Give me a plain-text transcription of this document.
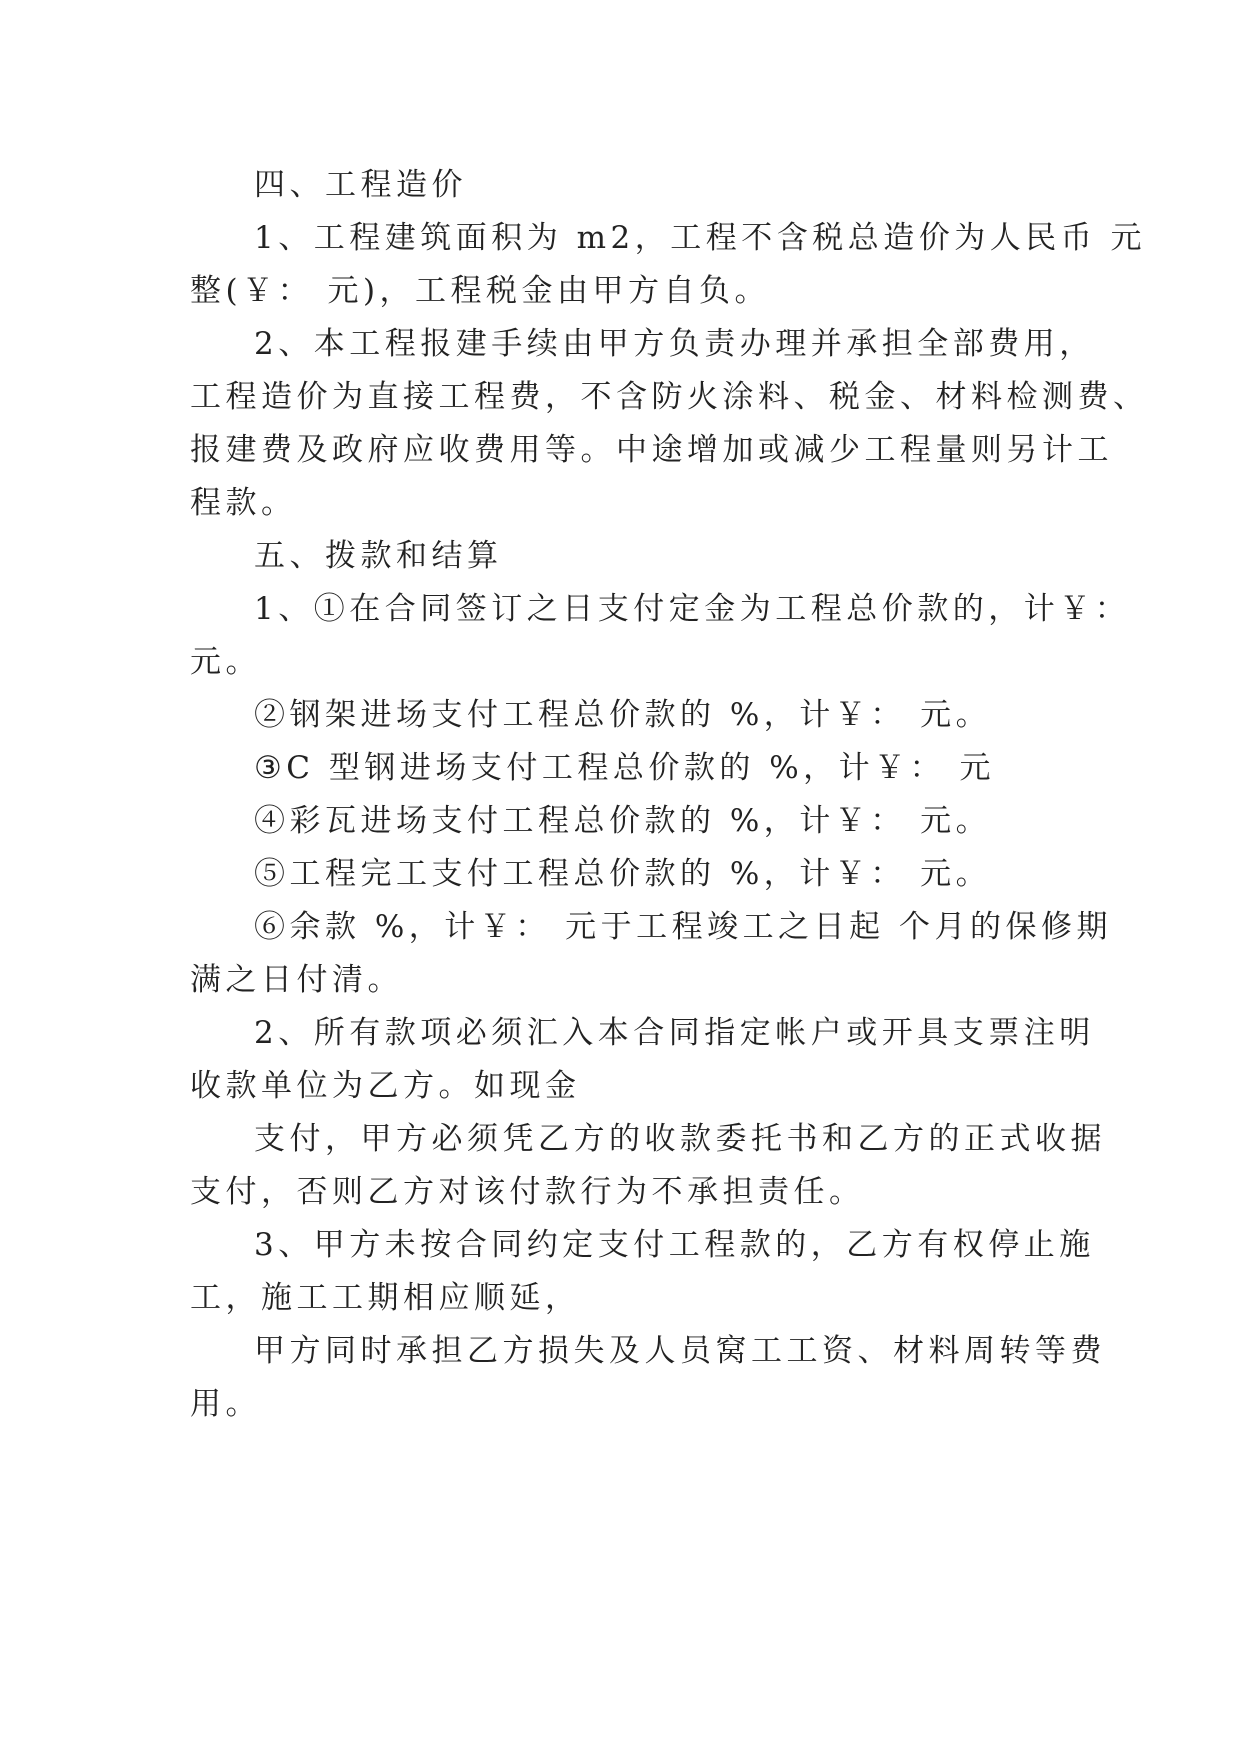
四、工程造价
1、工程建筑面积为 m2，工程不含税总造价为人民币 元
整(￥： 元)，工程税金由甲方自负。
2、本工程报建手续由甲方负责办理并承担全部费用，
工程造价为直接工程费，不含防火涂料、税金、材料检测费、
报建费及政府应收费用等。中途增加或减少工程量则另计工
程款。
五、拨款和结算
1、①在合同签订之日支付定金为工程总价款的，计￥：
元。
②钢架进场支付工程总价款的 %，计￥： 元。
③C 型钢进场支付工程总价款的 %，计￥： 元
④彩瓦进场支付工程总价款的 %，计￥： 元。
⑤工程完工支付工程总价款的 %，计￥： 元。
⑥余款 %，计￥： 元于工程竣工之日起 个月的保修期
满之日付清。
2、所有款项必须汇入本合同指定帐户或开具支票注明
收款单位为乙方。如现金
支付，甲方必须凭乙方的收款委托书和乙方的正式收据
支付，否则乙方对该付款行为不承担责任。
3、甲方未按合同约定支付工程款的，乙方有权停止施
工，施工工期相应顺延，
甲方同时承担乙方损失及人员窝工工资、材料周转等费
用。
